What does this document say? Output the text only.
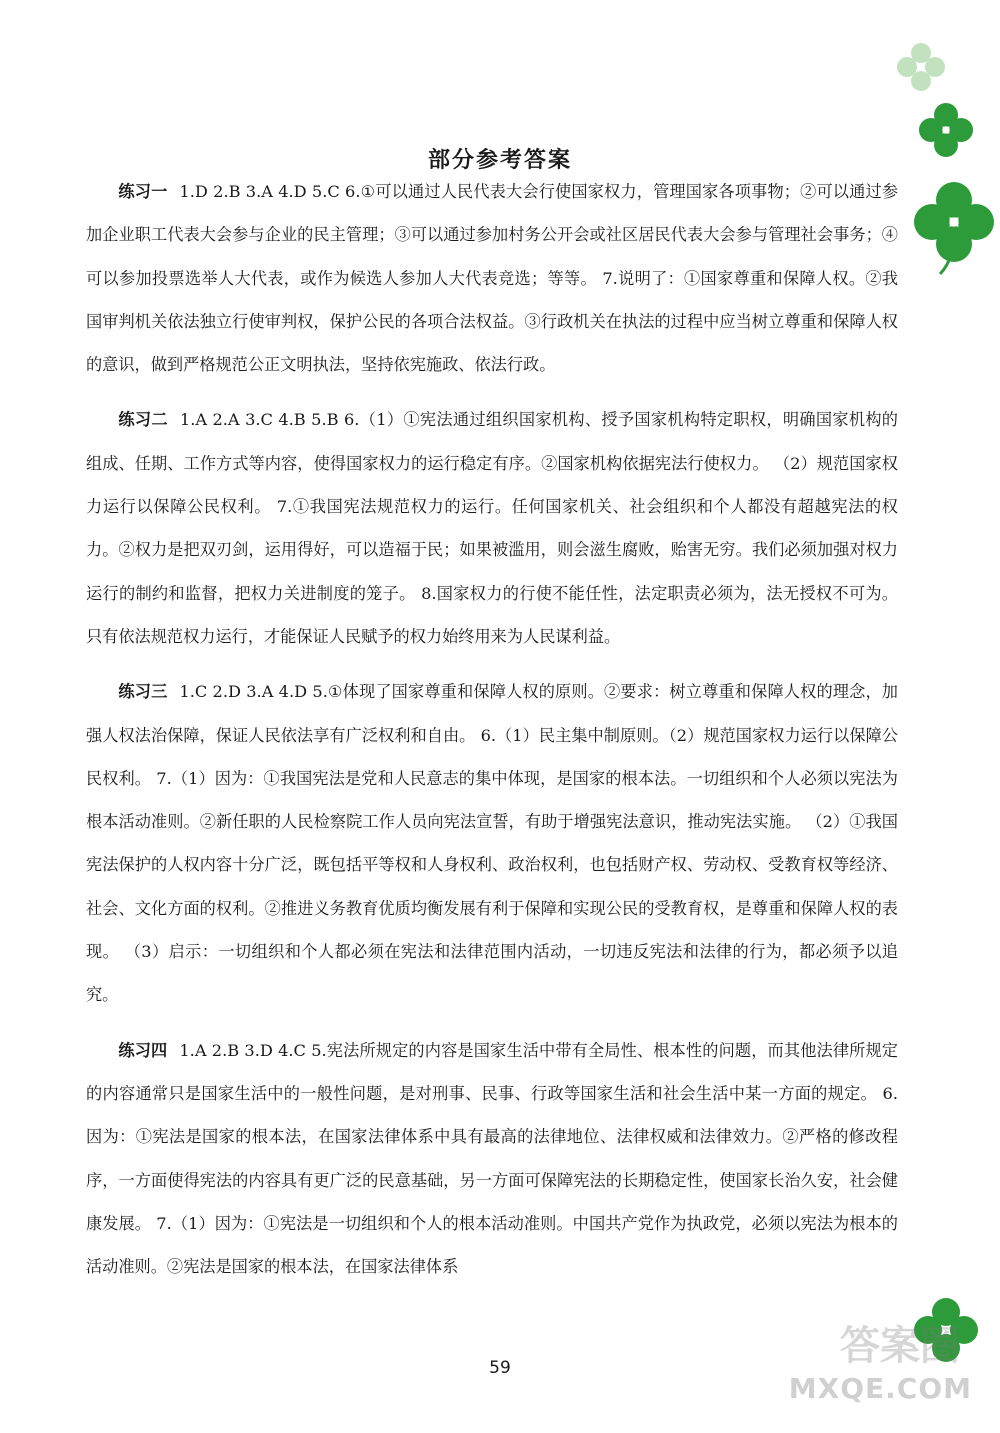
部分参考答案

练习一 1.D 2.B 3.A 4.D 5.C 6.①可以通过人民代表大会行使国家权力，管理国家各项事物；②可以通过参加企业职工代表大会参与企业的民主管理；③可以通过参加村务公开会或社区居民代表大会参与管理社会事务；④可以参加投票选举人大代表，或作为候选人参加人大代表竞选；等等。 7.说明了：①国家尊重和保障人权。②我国审判机关依法独立行使审判权，保护公民的各项合法权益。③行政机关在执法的过程中应当树立尊重和保障人权的意识，做到严格规范公正文明执法，坚持依宪施政、依法行政。

练习二 1.A 2.A 3.C 4.B 5.B 6.（1）①宪法通过组织国家机构、授予国家机构特定职权，明确国家机构的组成、任期、工作方式等内容，使得国家权力的运行稳定有序。②国家机构依据宪法行使权力。 （2）规范国家权力运行以保障公民权利。 7.①我国宪法规范权力的运行。任何国家机关、社会组织和个人都没有超越宪法的权力。②权力是把双刃剑，运用得好，可以造福于民；如果被滥用，则会滋生腐败，贻害无穷。我们必须加强对权力运行的制约和监督，把权力关进制度的笼子。 8.国家权力的行使不能任性，法定职责必须为，法无授权不可为。只有依法规范权力运行，才能保证人民赋予的权力始终用来为人民谋利益。

练习三 1.C 2.D 3.A 4.D 5.①体现了国家尊重和保障人权的原则。②要求：树立尊重和保障人权的理念，加强人权法治保障，保证人民依法享有广泛权利和自由。 6.（1）民主集中制原则。（2）规范国家权力运行以保障公民权利。 7.（1）因为：①我国宪法是党和人民意志的集中体现，是国家的根本法。一切组织和个人必须以宪法为根本活动准则。②新任职的人民检察院工作人员向宪法宣誓，有助于增强宪法意识，推动宪法实施。 （2）①我国宪法保护的人权内容十分广泛，既包括平等权和人身权利、政治权利，也包括财产权、劳动权、受教育权等经济、社会、文化方面的权利。②推进义务教育优质均衡发展有利于保障和实现公民的受教育权，是尊重和保障人权的表现。 （3）启示：一切组织和个人都必须在宪法和法律范围内活动，一切违反宪法和法律的行为，都必须予以追究。

练习四 1.A 2.B 3.D 4.C 5.宪法所规定的内容是国家生活中带有全局性、根本性的问题，而其他法律所规定的内容通常只是国家生活中的一般性问题，是对刑事、民事、行政等国家生活和社会生活中某一方面的规定。 6.因为：①宪法是国家的根本法，在国家法律体系中具有最高的法律地位、法律权威和法律效力。②严格的修改程序，一方面使得宪法的内容具有更广泛的民意基础，另一方面可保障宪法的长期稳定性，使国家长治久安，社会健康发展。 7.（1）因为：①宪法是一切组织和个人的根本活动准则。中国共产党作为执政党，必须以宪法为根本的活动准则。②宪法是国家的根本法，在国家法律体系

59	答案圈
MXQE.COM
